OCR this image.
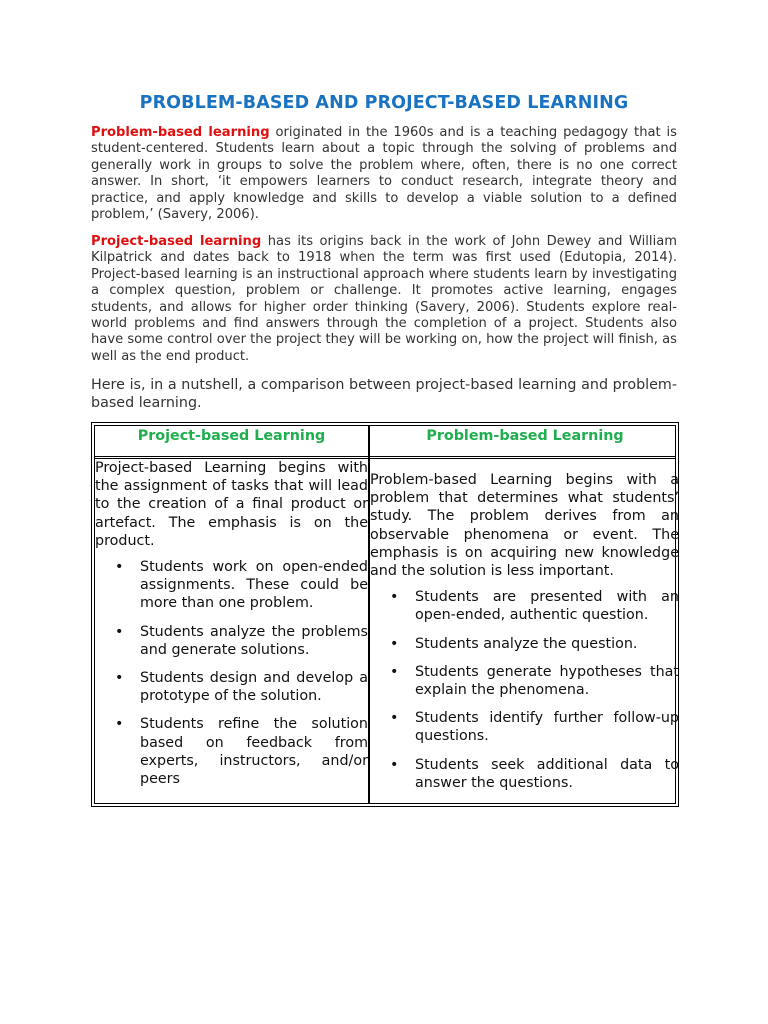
PROBLEM-BASED AND PROJECT-BASED LEARNING
Problem-based learning originated in the 1960s and is a teaching pedagogy that is student-centered. Students learn about a topic through the solving of problems and generally work in groups to solve the problem where, often, there is no one correct answer. In short, ‘it empowers learners to conduct research, integrate theory and practice, and apply knowledge and skills to develop a viable solution to a defined problem,’ (Savery, 2006).
Project-based learning has its origins back in the work of John Dewey and William Kilpatrick and dates back to 1918 when the term was first used (Edutopia, 2014). Project-based learning is an instructional approach where students learn by investigating a complex question, problem or challenge. It promotes active learning, engages students, and allows for higher order thinking (Savery, 2006). Students explore real-world problems and find answers through the completion of a project. Students also have some control over the project they will be working on, how the project will finish, as well as the end product.
Here is, in a nutshell, a comparison between project-based learning and problem-based learning.
Project-based Learning	Problem-based Learning

Project-based Learning begins with the assignment of tasks that will lead to the creation of a final product or artefact. The emphasis is on the product.

• Students work on open-ended assignments. These could be more than one problem.
• Students analyze the problems and generate solutions.
• Students design and develop a prototype of the solution.
• Students refine the solution based on feedback from experts, instructors, and/or peers

Problem-based Learning begins with a problem that determines what students’ study. The problem derives from an observable phenomena or event. The emphasis is on acquiring new knowledge and the solution is less important.

• Students are presented with an open-ended, authentic question.
• Students analyze the question.
• Students generate hypotheses that explain the phenomena.
• Students identify further follow-up questions.
• Students seek additional data to answer the questions.
